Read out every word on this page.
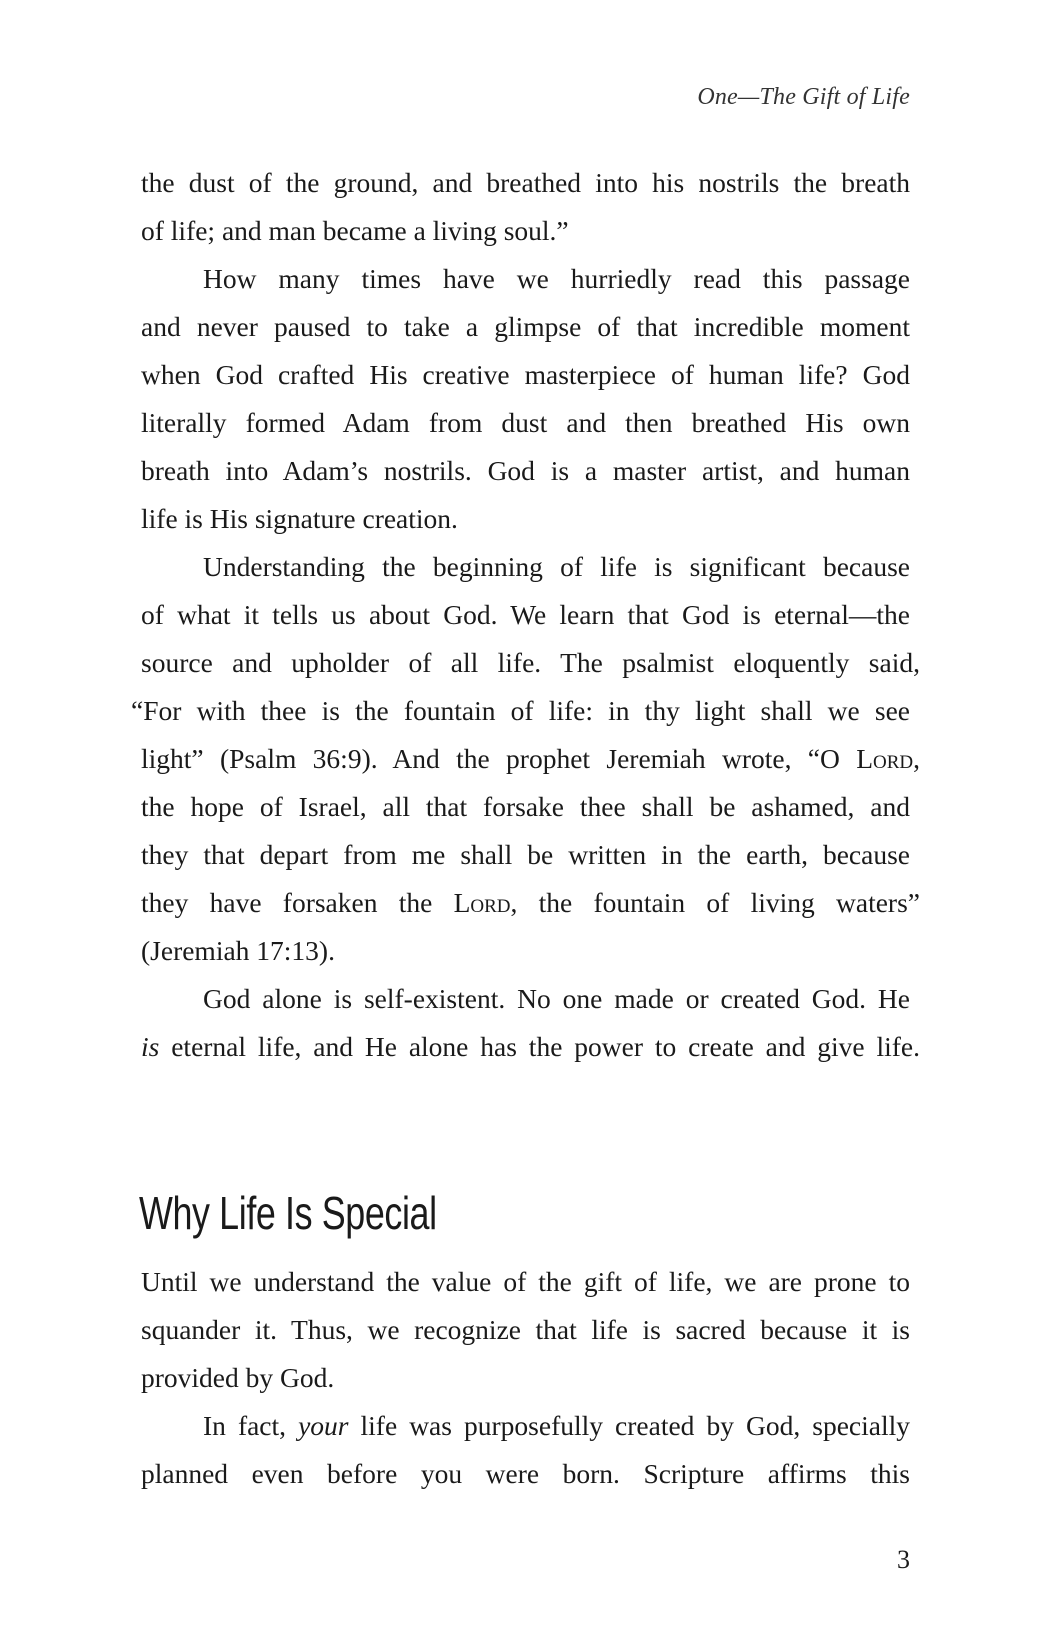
One—The Gift of Life
the dust of the ground, and breathed into his nostrils the breath
of life; and man became a living soul.”
How many times have we hurriedly read this passage
and never paused to take a glimpse of that incredible moment
when God crafted His creative masterpiece of human life? God
literally formed Adam from dust and then breathed His own
breath into Adam’s nostrils. God is a master artist, and human
life is His signature creation.
Understanding the beginning of life is significant because
of what it tells us about God. We learn that God is eternal—the
source and upholder of all life. The psalmist eloquently said,
“For with thee is the fountain of life: in thy light shall we see
light” (Psalm 36:9). And the prophet Jeremiah wrote, “O Lord,
the hope of Israel, all that forsake thee shall be ashamed, and
they that depart from me shall be written in the earth, because
they have forsaken the Lord, the fountain of living waters”
(Jeremiah 17:13).
God alone is self-existent. No one made or created God. He
is eternal life, and He alone has the power to create and give life.
Why Life Is Special
Until we understand the value of the gift of life, we are prone to
squander it. Thus, we recognize that life is sacred because it is
provided by God.
In fact, your life was purposefully created by God, specially
planned even before you were born. Scripture affirms this
3
